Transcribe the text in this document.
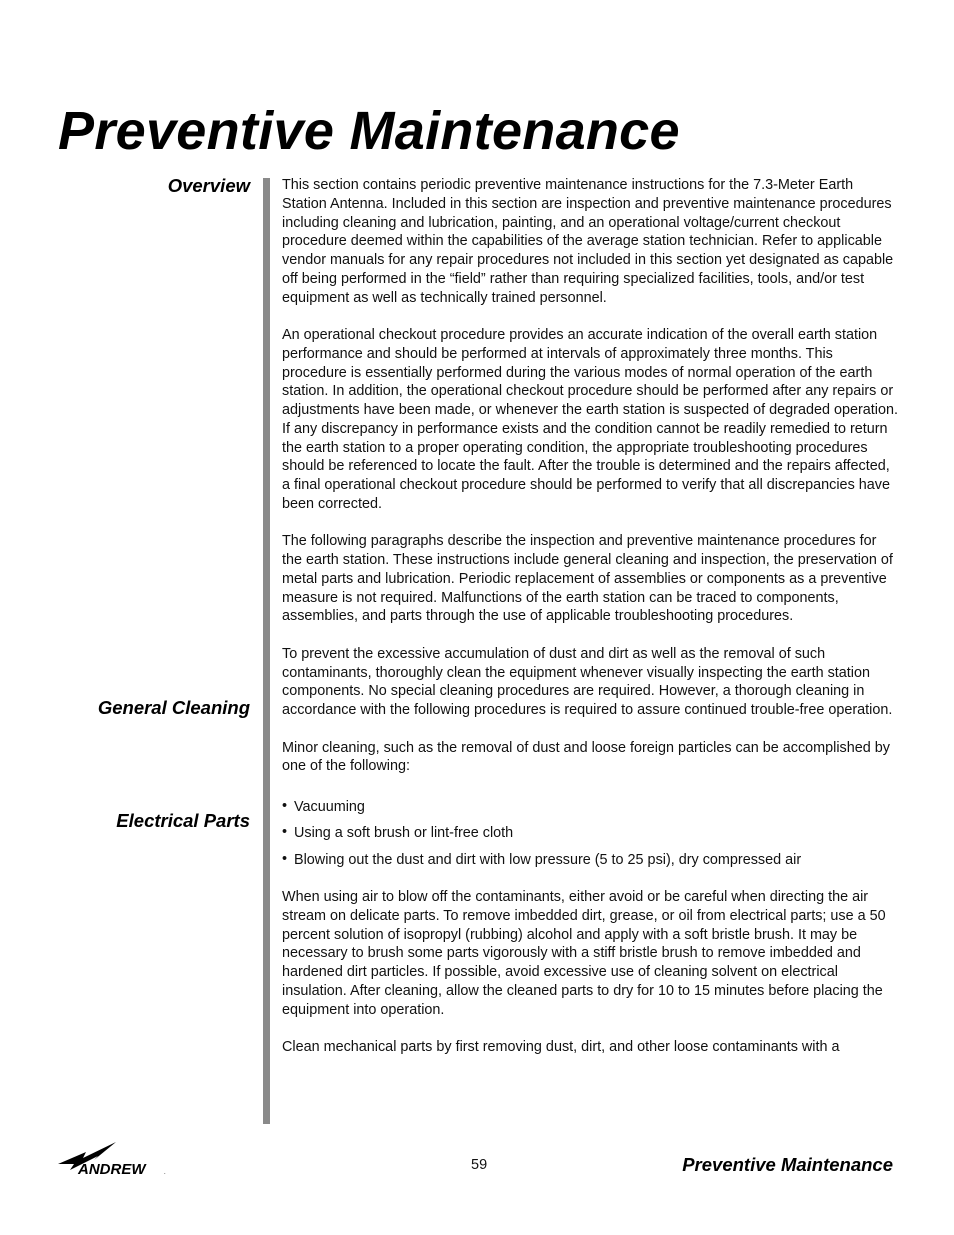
Preventive Maintenance
Overview
General Cleaning
Electrical Parts

This section contains periodic preventive maintenance instructions for the 7.3-Meter Earth Station Antenna. Included in this section are inspection and preventive maintenance procedures including cleaning and lubrication, painting, and an operational voltage/current checkout procedure deemed within the capabilities of the average station technician. Refer to applicable vendor manuals for any repair procedures not included in this section yet designated as capable off being performed in the “field” rather than requiring specialized facilities, tools, and/or test equipment as well as technically trained personnel.

An operational checkout procedure provides an accurate indication of the overall earth station performance and should be performed at intervals of approximately three months. This procedure is essentially performed during the various modes of normal operation of the earth station. In addition, the operational checkout procedure should be performed after any repairs or adjustments have been made, or whenever the earth station is suspected of degraded operation. If any discrepancy in performance exists and the condition cannot be readily remedied to return the earth station to a proper operating condition, the appropriate troubleshooting procedures should be referenced to locate the fault. After the trouble is determined and the repairs affected, a final operational checkout procedure should be performed to verify that all discrepancies have been corrected.

The following paragraphs describe the inspection and preventive maintenance procedures for the earth station. These instructions include general cleaning and inspection, the preservation of metal parts and lubrication. Periodic replacement of assemblies or components as a preventive measure is not required. Malfunctions of the earth station can be traced to components, assemblies, and parts through the use of applicable troubleshooting procedures.

To prevent the excessive accumulation of dust and dirt as well as the removal of such contaminants, thoroughly clean the equipment whenever visually inspecting the earth station components. No special cleaning procedures are required. However, a thorough cleaning in accordance with the following procedures is required to assure continued trouble-free operation.

Minor cleaning, such as the removal of dust and loose foreign particles can be accomplished by one of the following:

• Vacuuming
• Using a soft brush or lint-free cloth
• Blowing out the dust and dirt with low pressure (5 to 25 psi), dry compressed air

When using air to blow off the contaminants, either avoid or be careful when directing the air stream on delicate parts. To remove imbedded dirt, grease, or oil from electrical parts; use a 50 percent solution of isopropyl (rubbing) alcohol and apply with a soft bristle brush. It may be necessary to brush some parts vigorously with a stiff bristle brush to remove imbedded and hardened dirt particles. If possible, avoid excessive use of cleaning solvent on electrical insulation. After cleaning, allow the cleaned parts to dry for 10 to 15 minutes before placing the equipment into operation.

Clean mechanical parts by first removing dust, dirt, and other loose contaminants with a

ANDREW	.	59	Preventive Maintenance
